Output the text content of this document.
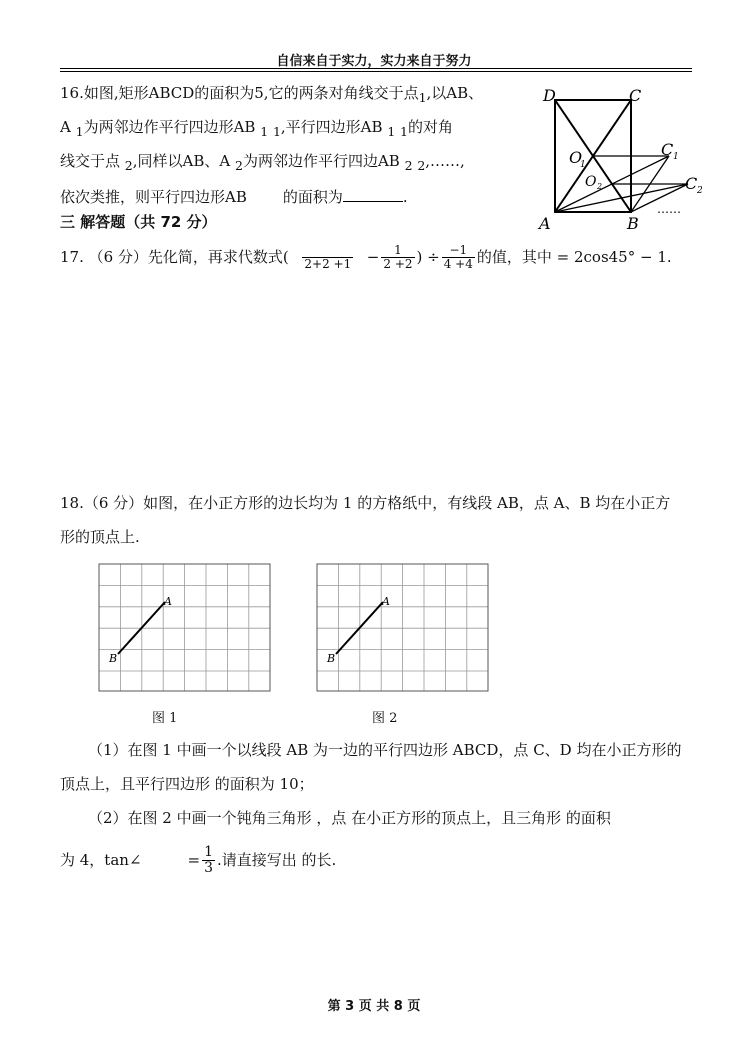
自信来自于实力，实力来自于努力
16.如图,矩形ABCD的面积为5,它的两条对角线交于点$_1$,以AB、
A $_1$为两邻边作平行四边形AB $_1$ $_1$,平行四边形AB $_1$ $_1$的对角
线交于点 $_2$,同样以AB、A $_2$为两邻边作平行四边AB $_2$ $_2$,……,
依次类推，则平行四边形AB 的面积为	.
D	C
O
1
O 2
C 1
C 2
A	B
……
三 解答题（共 72 分）
17. （6 分）先化简，再求代数式(
$2+2 +1 - \frac{1}{2 +2}$ ) ÷ $\frac{-1}{4 +4}$ 的值，其中 = 2cos45° − 1.
18.（6 分）如图，在小正方形的边长均为 1 的方格纸中，有线段 AB，点 A、B 均在小正方
形的顶点上.
A
B
图 1
A
B
图 2
（1）在图 1 中画一个以线段 AB 为一边的平行四边形 ABCD，点 C、D 均在小正方形的
顶点上，且平行四边形 的面积为 10；
（2）在图 2 中画一个钝角三角形 ，点 在小正方形的顶点上，且三角形 的面积
为 4，tan∠	= $\frac{1}{3}$ .请直接写出 的长.
第 3 页 共 8 页
